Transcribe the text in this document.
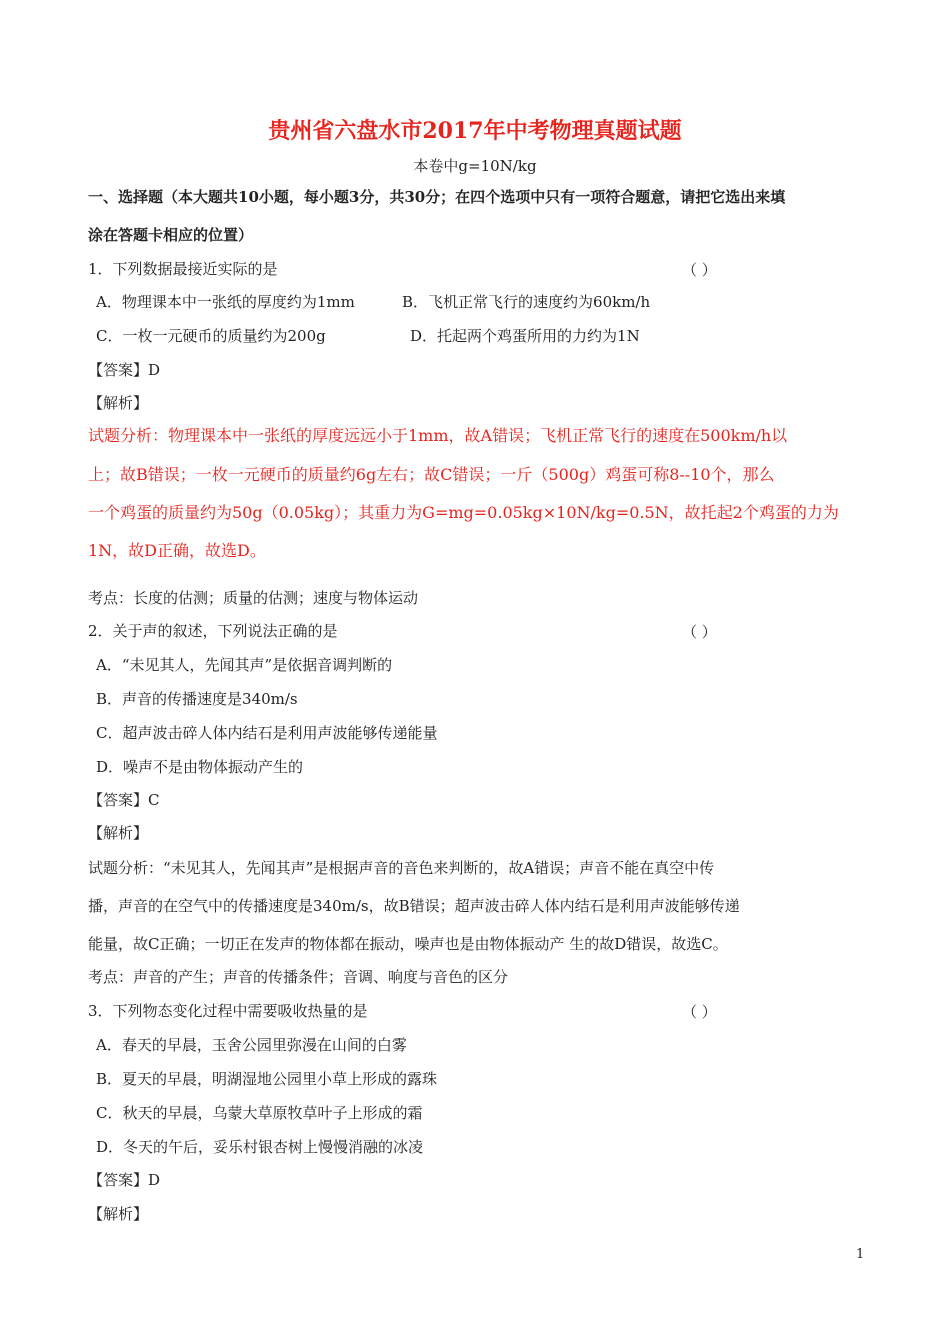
贵州省六盘水市2017年中考物理真题试题
本卷中g=10N/kg
一、选择题（本大题共10小题，每小题3分，共30分；在四个选项中只有一项符合题意，请把它选出来填
涂在答题卡相应的位置）
1．下列数据最接近实际的是	（ ）
A．物理课本中一张纸的厚度约为1mm	B．飞机正常飞行的速度约为60km/h
C．一枚一元硬币的质量约为200g	D．托起两个鸡蛋所用的力约为1N
【答案】D
【解析】
试题分析：物理课本中一张纸的厚度远远小于1mm，故A错误；飞机正常飞行的速度在500km/h以
上；故B错误；一枚一元硬币的质量约6g左右；故C错误；一斤（500g）鸡蛋可称8--10个，那么
一个鸡蛋的质量约为50g（0.05kg）；其重力为G=mg=0.05kg×10N/kg=0.5N，故托起2个鸡蛋的力为
1N，故D正确，故选D。
考点：长度的估测；质量的估测；速度与物体运动
2．关于声的叙述，下列说法正确的是	（ ）
A．“未见其人，先闻其声”是依据音调判断的
B．声音的传播速度是340m/s
C．超声波击碎人体内结石是利用声波能够传递能量
D．噪声不是由物体振动产生的
【答案】C
【解析】
试题分析：“未见其人，先闻其声”是根据声音的音色来判断的，故A错误；声音不能在真空中传
播，声音的在空气中的传播速度是340m/s，故B错误；超声波击碎人体内结石是利用声波能够传递
能量，故C正确；一切正在发声的物体都在振动，噪声也是由物体振动产 生的故D错误，故选C。
考点：声音的产生；声音的传播条件；音调、响度与音色的区分
3．下列物态变化过程中需要吸收热量的是	（ ）
A．春天的早晨，玉舍公园里弥漫在山间的白雾
B．夏天的早晨，明湖湿地公园里小草上形成的露珠
C．秋天的早晨，乌蒙大草原牧草叶子上形成的霜
D．冬天的午后，妥乐村银杏树上慢慢消融的冰凌
【答案】D
【解析】
1
